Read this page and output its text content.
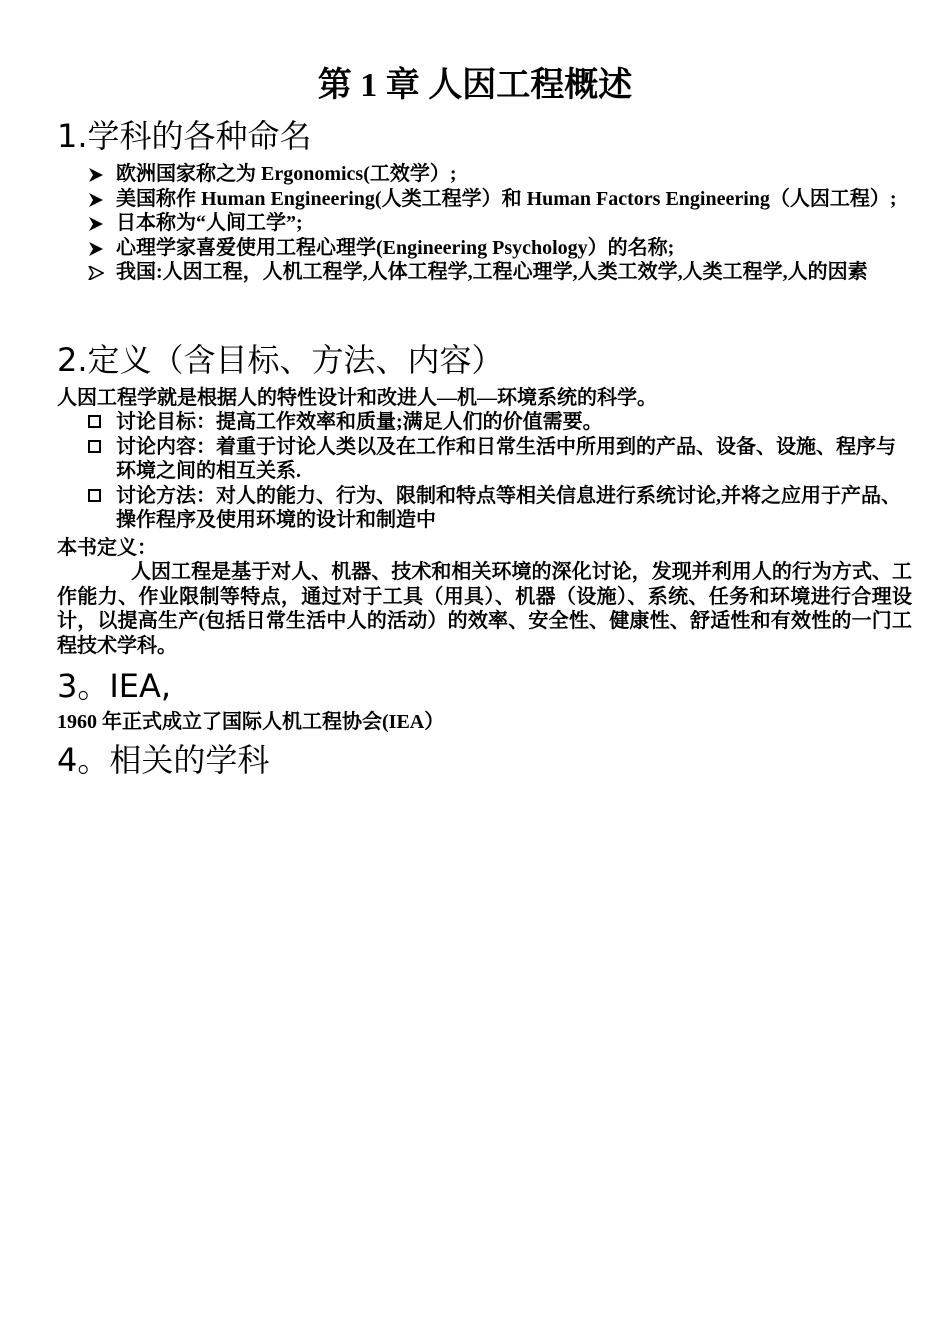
第 1 章 人因工程概述
1.学科的各种命名
欧洲国家称之为 Ergonomics(工效学）;
美国称作 Human Engineering(人类工程学）和 Human Factors Engineering（人因工程）;
日本称为“人间工学”;
心理学家喜爱使用工程心理学(Engineering Psychology）的名称;
我国:人因工程，人机工程学,人体工程学,工程心理学,人类工效学,人类工程学,人的因素
2.定义（含目标、方法、内容）
人因工程学就是根据人的特性设计和改进人—机—环境系统的科学。
讨论目标：提高工作效率和质量;满足人们的价值需要。
讨论内容：着重于讨论人类以及在工作和日常生活中所用到的产品、设备、设施、程序与环境之间的相互关系.
讨论方法：对人的能力、行为、限制和特点等相关信息进行系统讨论,并将之应用于产品、操作程序及使用环境的设计和制造中
本书定义：
人因工程是基于对人、机器、技术和相关环境的深化讨论，发现并利用人的行为方式、工作能力、作业限制等特点，通过对于工具（用具）、机器（设施）、系统、任务和环境进行合理设计，以提高生产(包括日常生活中人的活动）的效率、安全性、健康性、舒适性和有效性的一门工程技术学科。
3。IEA,
1960 年正式成立了国际人机工程协会(IEA）
4。相关的学科
